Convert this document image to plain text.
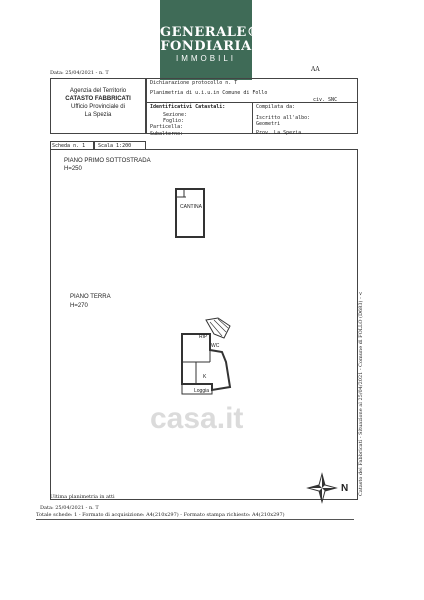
GENERALE®
FONDIARIA
IMMOBILI
AA
Data: 25/04/2021 - n. T
Agenzia del Territorio
CATASTO FABBRICATI
Ufficio Provinciale di
La Spezia
Dichiarazione protocollo n. T
Planimetria di u.i.u.in Comune di Follo
civ. SNC
Identificativi Catastali:
Sezione:
Foglio:
Particella:
Subalterno:
Compilata da:
Iscritto all'albo:
Geometri
Prov. La Spezia
Scheda n. 1	Scala 1:200
PIANO PRIMO SOTTOSTRADA
H=250
CANTINA
PIANO TERRA
H=270
RIP
WC
K
Loggia
casa.it	Catasto dei Fabbricati - Situazione al 25/04/2021 - Comune di FOLLO (D683) - <
N
Ultima planimetria in atti
Data: 25/04/2021 - n. T
Totale schede: 1 - Formato di acquisizione: A4(210x297) - Formato stampa richiesto: A4(210x297)
